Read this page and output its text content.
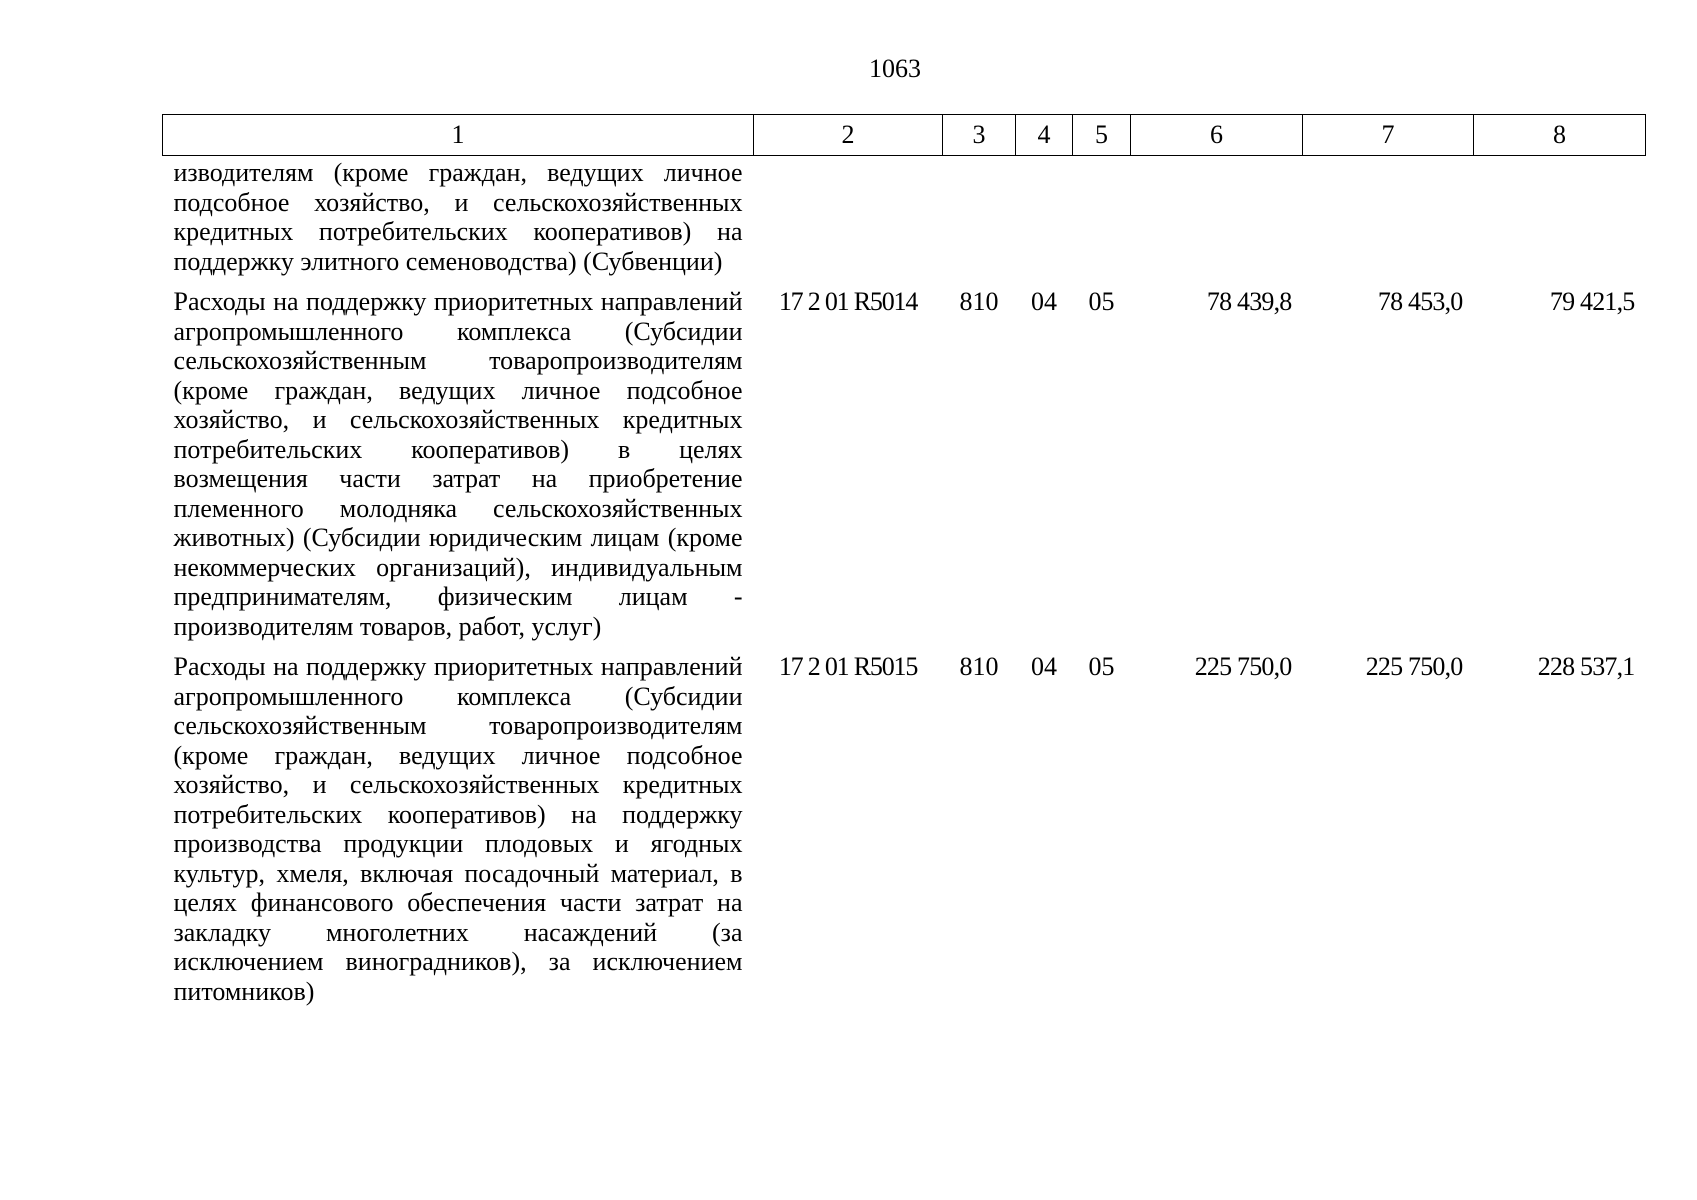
1063
1	2	3	4	5	6	7	8
изводителям (кроме граждан, ведущих личное подсобное хозяйство, и сельскохозяйственных кредитных потребительских кооперативов) на поддержку элитного семеноводства) (Субвенции)							
Расходы на поддержку приоритетных направлений агропромышленного комплекса (Субсидии сельскохозяйственным товаропроизводителям (кроме граждан, ведущих личное подсобное хозяйство, и сельскохозяйственных кредитных потребительских кооперативов) в целях возмещения части затрат на приобретение племенного молодняка сельскохозяйственных животных) (Субсидии юридическим лицам (кроме некоммерческих организаций), индивидуальным предпринимателям, физическим лицам - производителям товаров, работ, услуг)	17 2 01 R5014	810	04	05	78 439,8	78 453,0	79 421,5
Расходы на поддержку приоритетных направлений агропромышленного комплекса (Субсидии сельскохозяйственным товаропроизводителям (кроме граждан, ведущих личное подсобное хозяйство, и сельскохозяйственных кредитных потребительских кооперативов) на поддержку производства продукции плодовых и ягодных культур, хмеля, включая посадочный материал, в целях финансового обеспечения части затрат на закладку многолетних насаждений (за исключением виноградников), за исключением питомников)	17 2 01 R5015	810	04	05	225 750,0	225 750,0	228 537,1
